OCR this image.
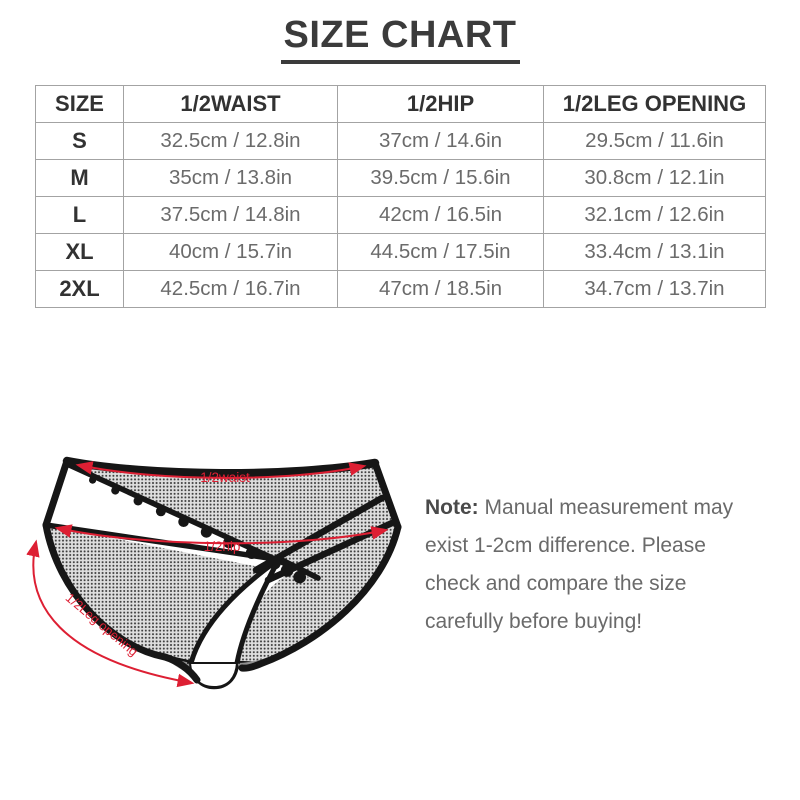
SIZE CHART
SIZE	1/2WAIST	1/2HIP	1/2LEG OPENING
S	32.5cm / 12.8in	37cm / 14.6in	29.5cm / 11.6in
M	35cm / 13.8in	39.5cm / 15.6in	30.8cm / 12.1in
L	37.5cm / 14.8in	42cm / 16.5in	32.1cm / 12.6in
XL	40cm / 15.7in	44.5cm / 17.5in	33.4cm / 13.1in
2XL	42.5cm / 16.7in	47cm / 18.5in	34.7cm / 13.7in
1/2waist
1/2hip
1/2Leg opening
Note: Manual measurement may
exist 1-2cm difference. Please
check and compare the size
carefully before buying!
